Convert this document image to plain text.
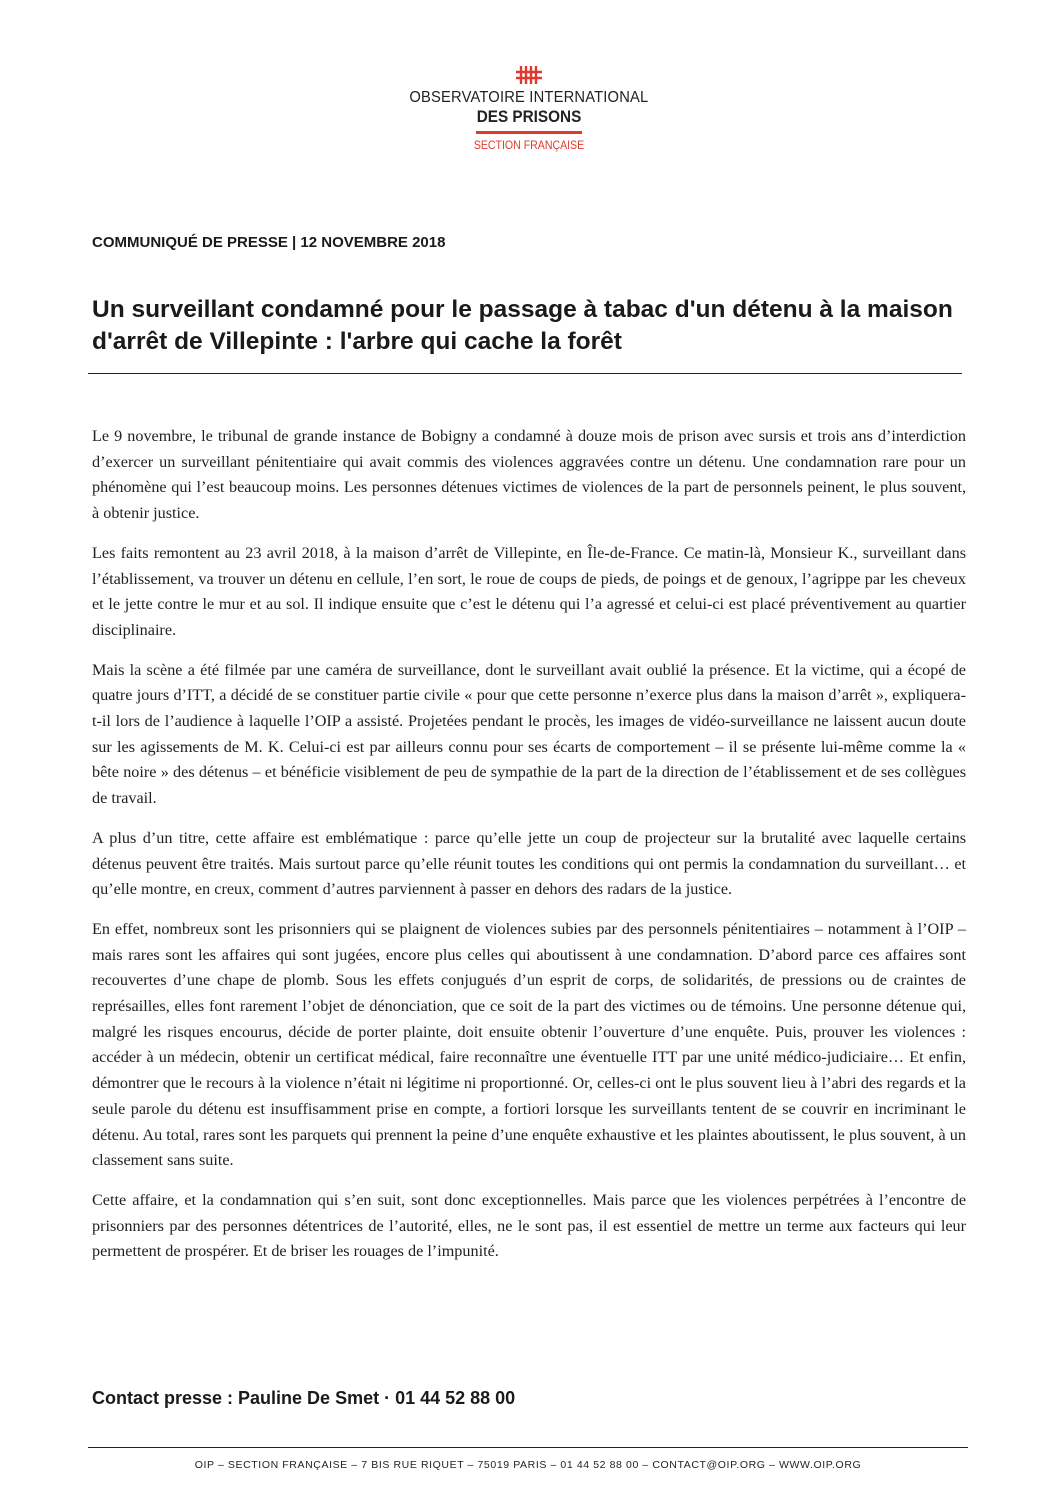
OBSERVATOIRE INTERNATIONAL
DES PRISONS
SECTION FRANÇAISE
COMMUNIQUÉ DE PRESSE | 12 NOVEMBRE 2018
Un surveillant condamné pour le passage à tabac d'un détenu à la maison d'arrêt de Villepinte : l'arbre qui cache la forêt

Le 9 novembre, le tribunal de grande instance de Bobigny a condamné à douze mois de prison avec sursis et trois ans d’interdiction d’exercer un surveillant pénitentiaire qui avait commis des violences aggravées contre un détenu. Une condamnation rare pour un phénomène qui l’est beaucoup moins. Les personnes détenues victimes de violences de la part de personnels peinent, le plus souvent, à obtenir justice.

Les faits remontent au 23 avril 2018, à la maison d’arrêt de Villepinte, en Île-de-France. Ce matin-là, Monsieur K., surveillant dans l’établissement, va trouver un détenu en cellule, l’en sort, le roue de coups de pieds, de poings et de genoux, l’agrippe par les cheveux et le jette contre le mur et au sol. Il indique ensuite que c’est le détenu qui l’a agressé et celui-ci est placé préventivement au quartier disciplinaire.

Mais la scène a été filmée par une caméra de surveillance, dont le surveillant avait oublié la présence. Et la victime, qui a écopé de quatre jours d’ITT, a décidé de se constituer partie civile « pour que cette personne n’exerce plus dans la maison d’arrêt », expliquera-t-il lors de l’audience à laquelle l’OIP a assisté. Projetées pendant le procès, les images de vidéo-surveillance ne laissent aucun doute sur les agissements de M. K. Celui-ci est par ailleurs connu pour ses écarts de comportement – il se présente lui-même comme la « bête noire » des détenus – et bénéficie visiblement de peu de sympathie de la part de la direction de l’établissement et de ses collègues de travail.

A plus d’un titre, cette affaire est emblématique : parce qu’elle jette un coup de projecteur sur la brutalité avec laquelle certains détenus peuvent être traités. Mais surtout parce qu’elle réunit toutes les conditions qui ont permis la condamnation du surveillant… et qu’elle montre, en creux, comment d’autres parviennent à passer en dehors des radars de la justice.

En effet, nombreux sont les prisonniers qui se plaignent de violences subies par des personnels pénitentiaires – notamment à l’OIP – mais rares sont les affaires qui sont jugées, encore plus celles qui aboutissent à une condamnation. D’abord parce ces affaires sont recouvertes d’une chape de plomb. Sous les effets conjugués d’un esprit de corps, de solidarités, de pressions ou de craintes de représailles, elles font rarement l’objet de dénonciation, que ce soit de la part des victimes ou de témoins. Une personne détenue qui, malgré les risques encourus, décide de porter plainte, doit ensuite obtenir l’ouverture d’une enquête. Puis, prouver les violences : accéder à un médecin, obtenir un certificat médical, faire reconnaître une éventuelle ITT par une unité médico-judiciaire… Et enfin, démontrer que le recours à la violence n’était ni légitime ni proportionné. Or, celles-ci ont le plus souvent lieu à l’abri des regards et la seule parole du détenu est insuffisamment prise en compte, a fortiori lorsque les surveillants tentent de se couvrir en incriminant le détenu. Au total, rares sont les parquets qui prennent la peine d’une enquête exhaustive et les plaintes aboutissent, le plus souvent, à un classement sans suite.

Cette affaire, et la condamnation qui s’en suit, sont donc exceptionnelles. Mais parce que les violences perpétrées à l’encontre de prisonniers par des personnes détentrices de l’autorité, elles, ne le sont pas, il est essentiel de mettre un terme aux facteurs qui leur permettent de prospérer. Et de briser les rouages de l’impunité.

Contact presse : Pauline De Smet · 01 44 52 88 00
OIP – SECTION FRANÇAISE – 7 BIS RUE RIQUET – 75019 PARIS – 01 44 52 88 00 – CONTACT@OIP.ORG – WWW.OIP.ORG
